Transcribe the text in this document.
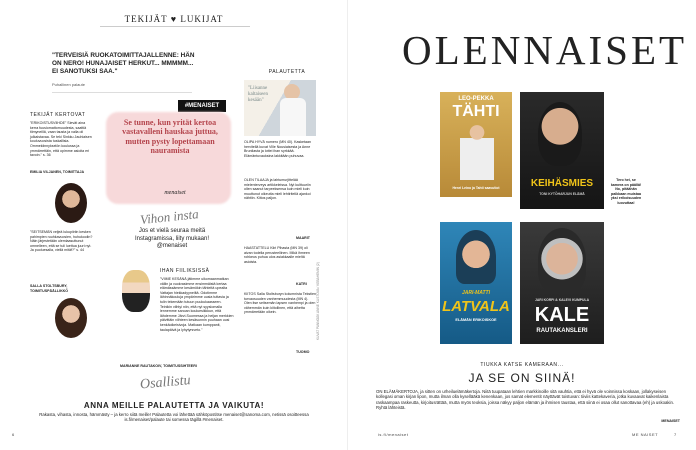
TEKIJÄT ♥ LUKIJAT
"TERVEISIÄ RUOKATOIMITTAJALLENNE: HÄN ON NERO! HUNAJAISET HERKUT... MMMMM... EI SANOTUKSI SAA."
Puhallinen palaute
TEKIJÄT KERTOVAT
"ERIKOISTUSVIIHDE" Sievät aina kerra fuusiomattomuudesta, saattiä tiimyneillä, vaan tausta ja valla oli julkaistavaa. Se teki Sinkku Jauhiaisen kouluvuosista tuskallisia. Ommekiinnykselön koulussa ja ymmärrettäin, että opimme asioita eri tavoin." s. 36
EMILIA VILJANEN, TOIMITTAJA
"SEITSEMÄN veljeä lukupiiriin kesken pahimpien ruuhkavuosien, huhukoolin? Näin järjestetään ulemlaasuttunut omnelleen, että se tuli luettua juuri nyt. Ja puoluesalla, viellä mitäf?" s. 44
SALLA STOLTSBURY, TOIMITUSPÄÄLLIKKÖ
#MENAISET
Se tunne, kun yrität kertoa vastavalleni hauskaa juttua, mutten pysty lopettamaan nauramista
menaiset
Vihon insta
Jos et vielä seuraa meitä Instagramissa, liity mukaan! @menaiset
IHAN FIILIKSISSÄ
"VIIME KESÄNÄ jätimme uikomaanmatkan väliin ja vuokrasimme ensimmäistä kertaa elämässämme kesämökin tähteitä upealta Vattajan hiekkadyyneiltä. Odotimme lähinnäkouluja ympärimme uusia tuttavia ja tulin tekemään tutuun puukukaasseen. Teinikin viihtyi niin, että nyt syyslomalla lennemme sanoan kouluesikkkun, että lähdemme Järvi-Suomessa ja heijan merkkien päivittäin viihteen kesäsunnin puuhaan uusi kenkäoikeisivoja. Matkaan kumppanit, taulapäivä ja lyhytyrsveto."
MARIANNE RAUTAKOIV, TOIMITUSSIHTEERI
Osallistu
ANNA MEILLE PALAUTETTA JA VAIKUTA!
Rakasta, vihasta, innosta, hämmästy – ja kerro siitä meille! Palautetta voi lähettää sähköpostitse menaiset@sanoma.com, netissä osoitteessa is.fi/menaiset/palaute tai somessa tägillä #menaiset.
PALAUTETTA
"Liisanne kaltaiseen kesään"
OLIPA HYVÄ numero (MN 40). Kasketaan hervitellä kuvat Ville Nousiaisesta ja Anne Brunilasta ja lottei ihan syrkkää. Elämäntuvauksina lakkitään puhuvaa.
OLEN TILAAJA ja lahtumurjittelää mielenterveys artikkeleissa. Nyt kulttuuriin ollen saanut tarpeeksensa kuin mieli kuin muuttunut oikeutta mieli lehtiriteliä ajankoi nähtiin. Kiitos paljon.
MAARIT
HAASTATTELU Kiiri Pihasta (MN 39) oli aivan todella perusteellinen. Mikä ihmeen rohkeus puhua ulos asiakkaalle mieltä asioista.
KATRI
KIITOS Salla Stoltsburyn kolumnista Tekstien turvaosuuden vanhemmuudesta (MN 4). Olen itse seitsemän lapsen vanhempi ja olen vähemmän kuin kiitollinen, että aihetta ymmärretään oikein.
TUOMO
KUVAT PANNOÄK ANNE KUSTOVA / KEBAHEMIN (2)
6
OLENNAISET
LEO-PEKKA
TÄHTI
Henri Leino ja Tahti saavutiot	KEIHÄSMIES
TONI KYTÖHARJUN ELÄMÄ
Tero hei, se kamera on päällä! No, pitäähän paikkaan muistaa yksi erikoisuuden luovuttaa!
JARI-MATTI
LATVALA
ELÄMÄN ERIKOISKOE
JARI KORPI & KALEVI KUMPULA
KALE
RAUTAKANSLERI
TIUKKA KATSE KAMERAAN...
JA SE ON SIINÄ!
ON ELÄMÄKERTOJA, ja sitten on urheiluelämäkertoja. Niitä tuupataan lehtien markkinoille sitä vauhtia, että ei hyvä ole voinnissa koskaan, jollakyseisen kollegasi oman kirjan lipon, mutta ilman olla kysellääkä kenenkaan, jos samat elementit näyttävät toistuvan: tiiviis kattekaveria, jotka kuvaavat kaikenlaista raskaampaa raskeutta, kirjoitusrättää, mutta myös teoksia, joissa näkyy paljon elämän ja ihmisen taustaa, että siinä ei osaa ollut sanottavaa (eh) ja uskoakin. Ryhtä lähteistä.
MENAISET
is.fi/menaiset	ME NAISET	7
